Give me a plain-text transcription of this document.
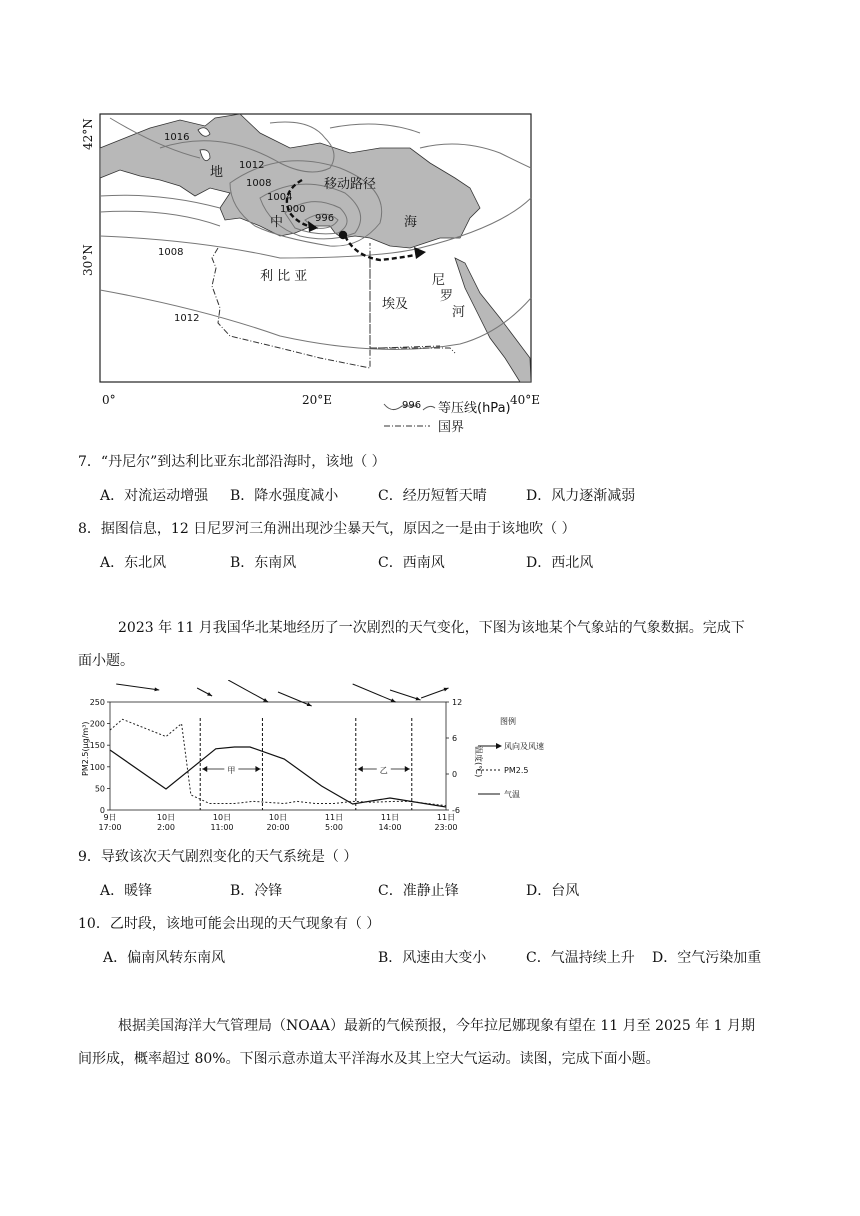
1016
1012
1008
1004
1000
996
1008
1012
地
移动路径
中	海
利 比 亚
埃及
尼
罗
河
42°N
30°N
0°	20°E	40°E
996 等压线(hPa)
国界
7．“丹尼尔”到达利比亚东北部沿海时，该地（ ）
A．对流运动增强 B．降水强度减小	C．经历短暂天晴	D．风力逐渐减弱
8．据图信息，12 日尼罗河三角洲出现沙尘暴天气，原因之一是由于该地吹（ ）
A．东北风	B．东南风	C．西南风	D．西北风
2023 年 11 月我国华北某地经历了一次剧烈的天气变化，下图为该地某个气象站的气象数据。完成下
面小题。
0
50
100
150
200
250
-6
0
6
12
9日
17:00
10日
2:00
10日
11:00
10日
20:00
11日
5:00
11日
14:00
11日
23:00
甲	乙
PM2.5(μg/m³)	温度(℃)
图例
风向及风速
PM2.5
气温
9．导致该次天气剧烈变化的天气系统是（ ）
A．暖锋	B．冷锋	C．准静止锋	D．台风
10．乙时段，该地可能会出现的天气现象有（ ）
A．偏南风转东南风	B．风速由大变小	C．气温持续上升 D．空气污染加重
根据美国海洋大气管理局（NOAA）最新的气候预报，今年拉尼娜现象有望在 11 月至 2025 年 1 月期
间形成，概率超过 80%。下图示意赤道太平洋海水及其上空大气运动。读图，完成下面小题。
